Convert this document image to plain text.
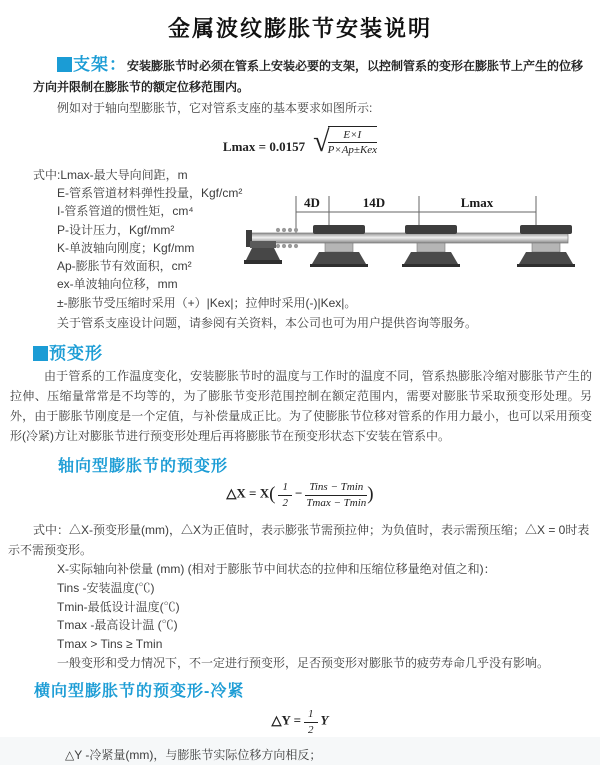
金属波纹膨胀节安装说明
支架：安装膨胀节时必须在管系上安装必要的支架，以控制管系的变形在膨胀节上产生的位移方向并限制在膨胀节的额定位移范围内。
例如对于轴向型膨胀节，它对管系支座的基本要求如图所示:
Lmax = 0.0157 √
$\frac{E\times I}{\text{P×Ap±Kex}}$
式中:Lmax-最大导向间距，m
E-管系管道材料弹性投量，Kgf/cm²
I-管系管道的惯性矩，cm⁴
P-设计压力，Kgf/mm²
K-单波轴向刚度；Kgf/mm
Ap-膨胀节有效面积，cm²
ex-单波轴向位移，mm
±-膨胀节受压缩时采用（+）|Kex|；拉伸时采用(-)|Kex|。
关于管系支座设计问题，请参阅有关资料，本公司也可为用户提供咨询等服务。
4D	14D	Lmax
预变形
由于管系的工作温度变化，安装膨胀节时的温度与工作时的温度不同，管系热膨胀冷缩对膨胀节产生的拉伸、压缩量常常是不均等的，为了膨胀节变形范围控制在额定范围内，需要对膨胀节采取预变形处理。另外，由于膨胀节刚度是一个定值，与补偿量成正比。为了使膨胀节位移对管系的作用力最小，也可以采用预变形(冷紧)方让对膨胀节进行预变形处理后再将膨胀节在预变形状态下安装在管系中。
轴向型膨胀节的预变形
△X = $X( \frac{1}{2} - \frac{\text{Tins − Tmin}}{Tmax - Tmin}$ )
式中：△X-预变形量(mm)，△X为正值时，表示膨张节需预拉伸；为负值时，表示需预压缩；△X = 0时表示不需预变形。
X-实际轴向补偿量 (mm) (相对于膨胀节中间状态的拉伸和压缩位移量绝对值之和)：
Tins -安装温度(℃)
Tmin-最低设计温度(℃)
Tmax -最高设计温 (℃)
Tmax > Tins ≥ Tmin
一般变形和受力情况下，不一定进行预变形，足否预变形对膨胀节的疲劳寿命几乎没有影响。
横向型膨胀节的预变形-冷紧
△Y = $\frac{1}{2}$ Y
△Y -冷紧量(mm)，与膨胀节实际位移方向相反；
